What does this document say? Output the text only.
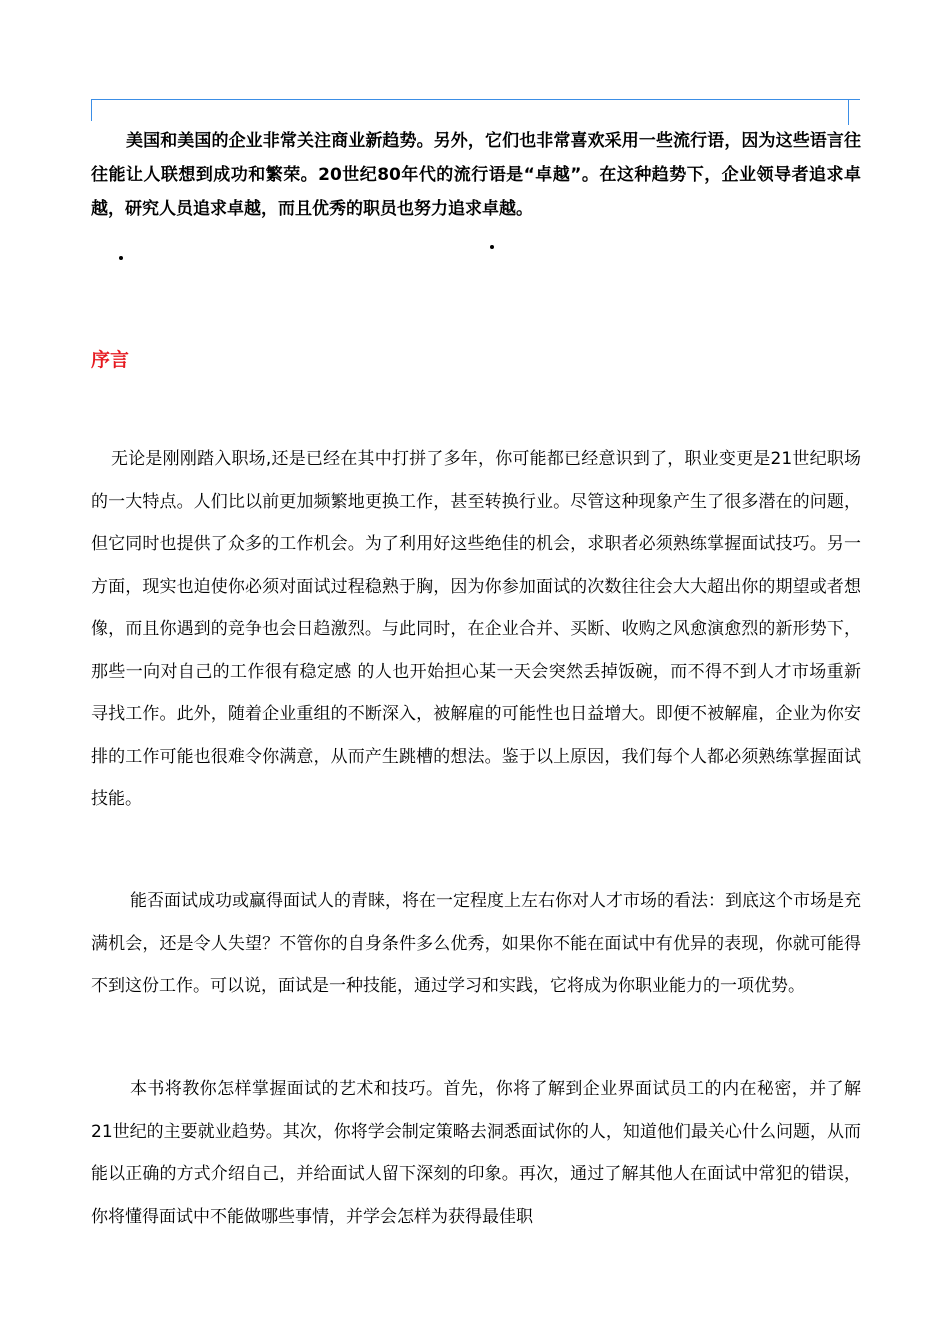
美国和美国的企业非常关注商业新趋势。另外，它们也非常喜欢采用一些流行语，因为这些语言往往能让人联想到成功和繁荣。20世纪80年代的流行语是“卓越”。在这种趋势下，企业领导者追求卓越，研究人员追求卓越，而且优秀的职员也努力追求卓越。

序言

无论是刚刚踏入职场,还是已经在其中打拼了多年，你可能都已经意识到了，职业变更是21世纪职场的一大特点。人们比以前更加频繁地更换工作，甚至转换行业。尽管这种现象产生了很多潜在的问题，但它同时也提供了众多的工作机会。为了利用好这些绝佳的机会，求职者必须熟练掌握面试技巧。另一方面，现实也迫使你必须对面试过程稳熟于胸，因为你参加面试的次数往往会大大超出你的期望或者想像，而且你遇到的竞争也会日趋激烈。与此同时，在企业合并、买断、收购之风愈演愈烈的新形势下，那些一向对自己的工作很有稳定感 的人也开始担心某一天会突然丢掉饭碗，而不得不到人才市场重新寻找工作。此外，随着企业重组的不断深入，被解雇的可能性也日益增大。即便不被解雇，企业为你安排的工作可能也很难令你满意，从而产生跳槽的想法。鉴于以上原因，我们每个人都必须熟练掌握面试技能。

能否面试成功或赢得面试人的青睐，将在一定程度上左右你对人才市场的看法：到底这个市场是充满机会，还是令人失望？不管你的自身条件多么优秀，如果你不能在面试中有优异的表现，你就可能得不到这份工作。可以说，面试是一种技能，通过学习和实践，它将成为你职业能力的一项优势。

本书将教你怎样掌握面试的艺术和技巧。首先，你将了解到企业界面试员工的内在秘密，并了解21世纪的主要就业趋势。其次，你将学会制定策略去洞悉面试你的人，知道他们最关心什么问题，从而能以正确的方式介绍自己，并给面试人留下深刻的印象。再次，通过了解其他人在面试中常犯的错误，你将懂得面试中不能做哪些事情，并学会怎样为获得最佳职
